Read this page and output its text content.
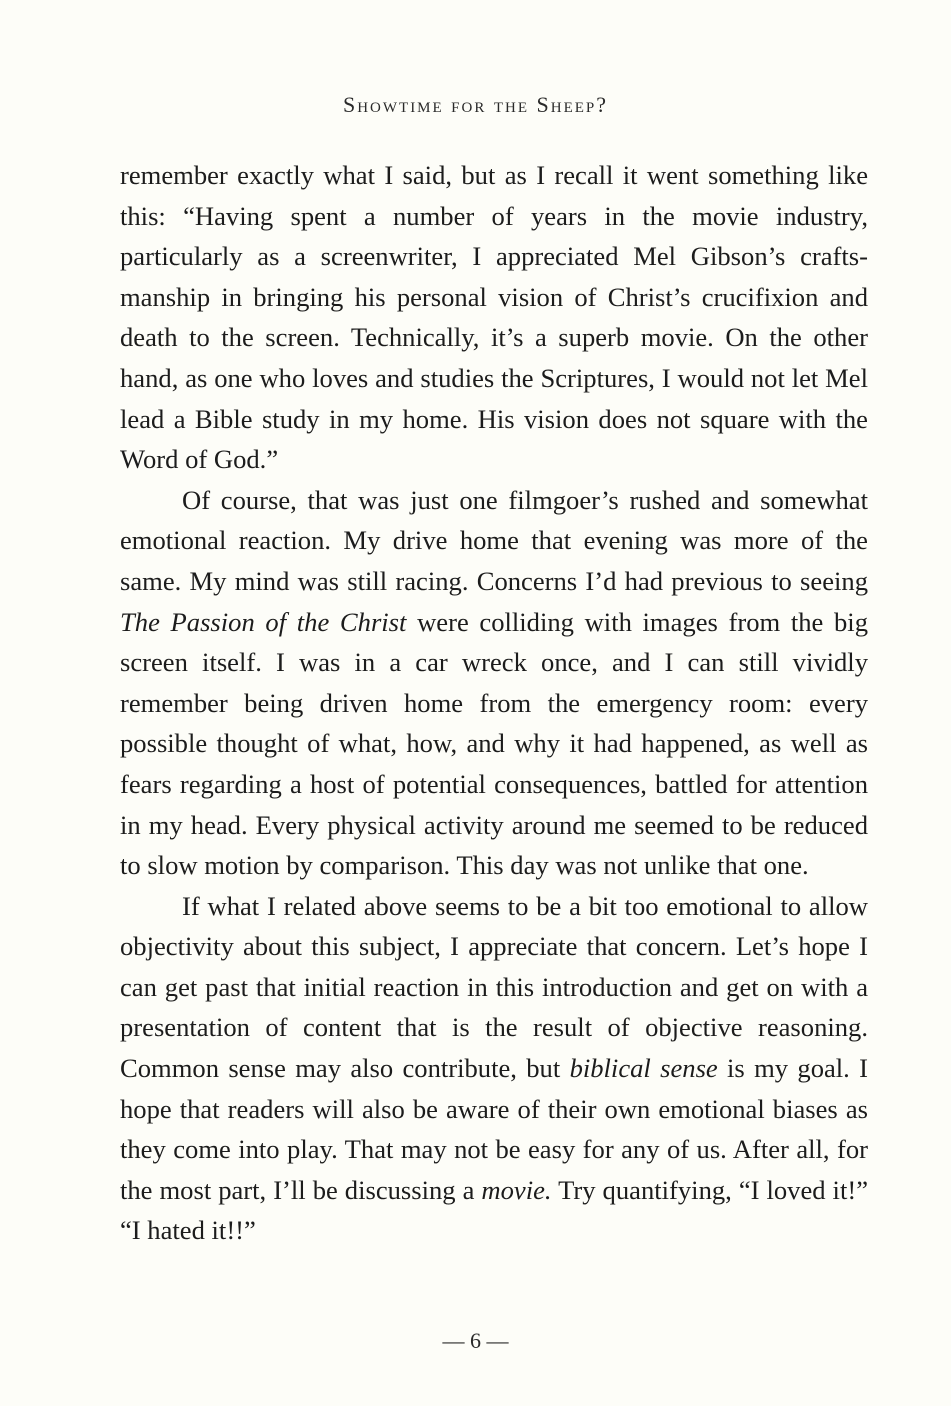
Showtime for the Sheep?

remember exactly what I said, but as I recall it went something like this: “Having spent a number of years in the movie industry, particularly as a screenwriter, I appreciated Mel Gibson’s craftsmanship in bringing his personal vision of Christ’s crucifixion and death to the screen. Technically, it’s a superb movie. On the other hand, as one who loves and studies the Scriptures, I would not let Mel lead a Bible study in my home. His vision does not square with the Word of God.”

Of course, that was just one filmgoer’s rushed and somewhat emotional reaction. My drive home that evening was more of the same. My mind was still racing. Concerns I’d had previous to seeing The Passion of the Christ were colliding with images from the big screen itself. I was in a car wreck once, and I can still vividly remember being driven home from the emergency room: every possible thought of what, how, and why it had happened, as well as fears regarding a host of potential consequences, battled for attention in my head. Every physical activity around me seemed to be reduced to slow motion by comparison. This day was not unlike that one.

If what I related above seems to be a bit too emotional to allow objectivity about this subject, I appreciate that concern. Let’s hope I can get past that initial reaction in this introduction and get on with a presentation of content that is the result of objective reasoning. Common sense may also contribute, but biblical sense is my goal. I hope that readers will also be aware of their own emotional biases as they come into play. That may not be easy for any of us. After all, for the most part, I’ll be discussing a movie. Try quantifying, “I loved it!” “I hated it!!”

— 6 —
